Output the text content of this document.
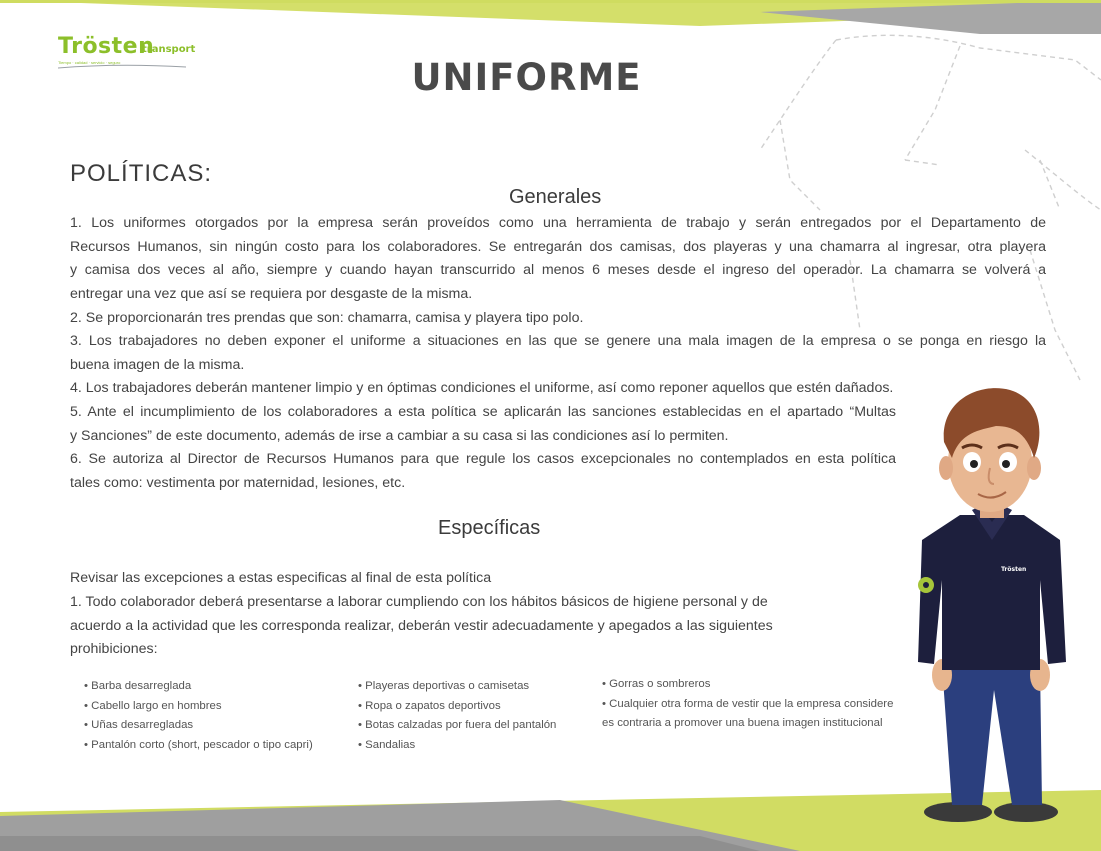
Trösten
transport
Tiempo · calidad · servicio · seguro	UNIFORME
POLÍTICAS:
Generales
1. Los uniformes otorgados por la empresa serán proveídos como una herramienta de trabajo y serán entregados por el Departamento de
Recursos Humanos, sin ningún costo para los colaboradores. Se entregarán dos camisas, dos playeras y una chamarra al ingresar, otra playera
y camisa dos veces al año, siempre y cuando hayan transcurrido al menos 6 meses desde el ingreso del operador. La chamarra se volverá a
entregar una vez que así se requiera por desgaste de la misma.
2. Se proporcionarán tres prendas que son: chamarra, camisa y playera tipo polo.
3. Los trabajadores no deben exponer el uniforme a situaciones en las que se genere una mala imagen de la empresa o se ponga en riesgo la
buena imagen de la misma.
4. Los trabajadores deberán mantener limpio y en óptimas condiciones el uniforme, así como reponer aquellos que estén dañados.
5. Ante el incumplimiento de los colaboradores a esta política se aplicarán las sanciones establecidas en el apartado “Multas
y Sanciones” de este documento, además de irse a cambiar a su casa si las condiciones así lo permiten.
6. Se autoriza al Director de Recursos Humanos para que regule los casos excepcionales no contemplados en esta política
tales como: vestimenta por maternidad, lesiones, etc.
Específicas
Revisar las excepciones a estas especificas al final de esta política
1. Todo colaborador deberá presentarse a laborar cumpliendo con los hábitos básicos de higiene personal y de
acuerdo a la actividad que les corresponda realizar, deberán vestir adecuadamente y apegados a las siguientes
prohibiciones:
• Barba desarreglada
• Cabello largo en hombres
• Uñas desarregladas
• Pantalón corto (short, pescador o tipo capri)
• Playeras deportivas o camisetas
• Ropa o zapatos deportivos
• Botas calzadas por fuera del pantalón
• Sandalias
• Gorras o sombreros
• Cualquier otra forma de vestir que la empresa considere
es contraria a promover una buena imagen institucional
Trösten
